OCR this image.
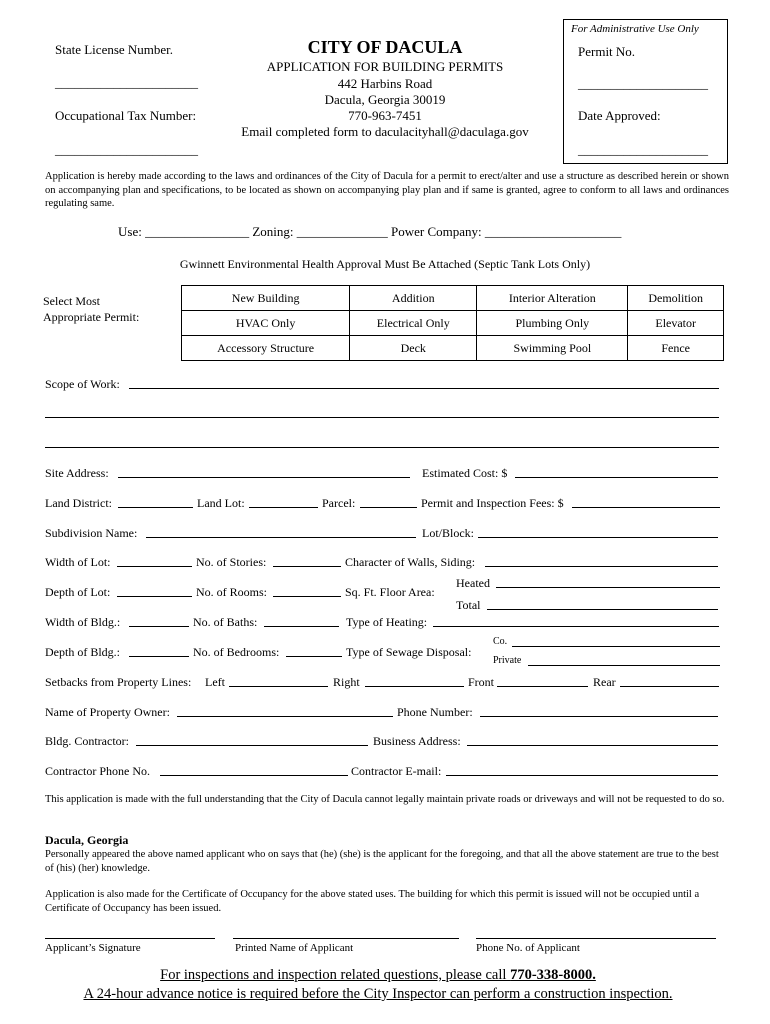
State License Number.
______________________
Occupational Tax Number:
______________________
CITY OF DACULA
APPLICATION FOR BUILDING PERMITS
442 Harbins Road
Dacula, Georgia 30019
770-963-7451
Email completed form to daculacityhall@daculaga.gov
For Administrative Use Only
Permit No.
____________________
Date Approved:
____________________
Application is hereby made according to the laws and ordinances of the City of Dacula for a permit to erect/alter and use a structure as described herein or shown on accompanying plan and specifications, to be located as shown on accompanying play plan and if same is granted, agree to conform to all laws and ordinances regulating same.
Use: ________________ Zoning: ______________ Power Company: _____________________
Gwinnett Environmental Health Approval Must Be Attached (Septic Tank Lots Only)
Select Most
Appropriate Permit:
New Building	Addition	Interior Alteration	Demolition
HVAC Only	Electrical Only	Plumbing Only	Elevator
Accessory Structure	Deck	Swimming Pool	Fence
Scope of Work:
Site Address:	Estimated Cost: $
Land District:	Land Lot:	Parcel:	Permit and Inspection Fees: $
Subdivision Name:	Lot/Block:
Width of Lot:	No. of Stories:	Character of Walls, Siding:
Depth of Lot:	No. of Rooms:	Sq. Ft. Floor Area:
Heated
Total
Width of Bldg.:	No. of Baths:	Type of Heating:
Depth of Bldg.:	No. of Bedrooms:	Type of Sewage Disposal:
Co.
Private
Setbacks from Property Lines: Left	Right	Front	Rear
Name of Property Owner:	Phone Number:
Bldg. Contractor:	Business Address:
Contractor Phone No.	Contractor E-mail:
This application is made with the full understanding that the City of Dacula cannot legally maintain private roads or driveways and will not be requested to do so.
Dacula, Georgia
Personally appeared the above named applicant who on says that (he) (she) is the applicant for the foregoing, and that all the above statement are true to the best of (his) (her) knowledge.
Application is also made for the Certificate of Occupancy for the above stated uses. The building for which this permit is issued will not be occupied until a Certificate of Occupancy has been issued.
Applicant’s Signature	Printed Name of Applicant	Phone No. of Applicant
For inspections and inspection related questions, please call 770-338-8000.
A 24-hour advance notice is required before the City Inspector can perform a construction inspection.
